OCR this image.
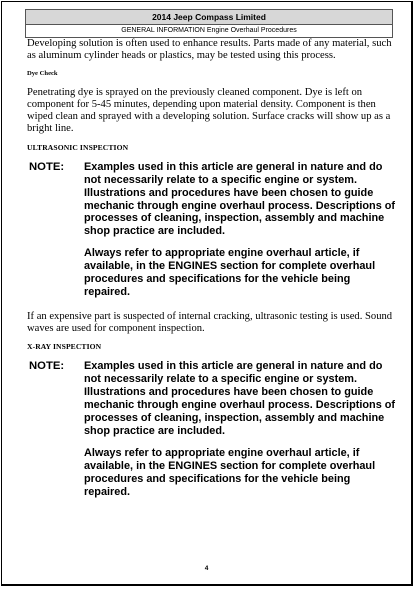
2014 Jeep Compass Limited
GENERAL INFORMATION Engine Overhaul Procedures

Developing solution is often used to enhance results. Parts made of any material, such as aluminum cylinder heads or plastics, may be tested using this process.

Dye Check

Penetrating dye is sprayed on the previously cleaned component. Dye is left on component for 5-45 minutes, depending upon material density. Component is then wiped clean and sprayed with a developing solution. Surface cracks will show up as a bright line.

ULTRASONIC INSPECTION
NOTE:	Examples used in this article are general in nature and do not necessarily relate to a specific engine or system. Illustrations and procedures have been chosen to guide mechanic through engine overhaul process. Descriptions of processes of cleaning, inspection, assembly and machine shop practice are included.

Always refer to appropriate engine overhaul article, if available, in the ENGINES section for complete overhaul procedures and specifications for the vehicle being repaired.

If an expensive part is suspected of internal cracking, ultrasonic testing is used. Sound waves are used for component inspection.

X-RAY INSPECTION
NOTE:	Examples used in this article are general in nature and do not necessarily relate to a specific engine or system. Illustrations and procedures have been chosen to guide mechanic through engine overhaul process. Descriptions of processes of cleaning, inspection, assembly and machine shop practice are included.

Always refer to appropriate engine overhaul article, if available, in the ENGINES section for complete overhaul procedures and specifications for the vehicle being repaired.

4
